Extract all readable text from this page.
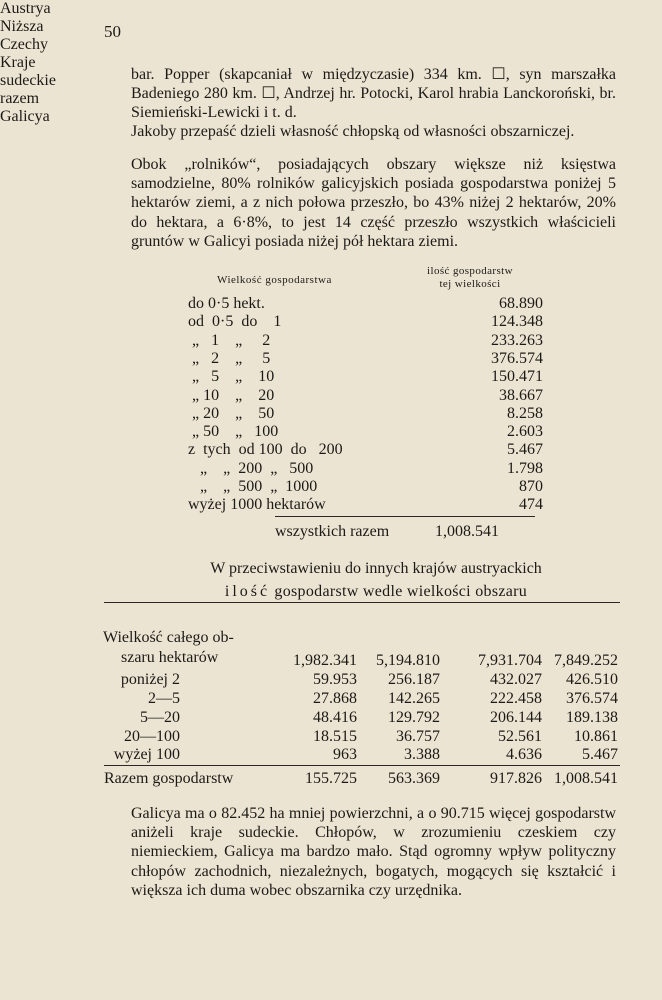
50
bar. Popper (skapcaniał w międzyczasie) 334 km. ☐, syn marszałka Badeniego 280 km. ☐, Andrzej hr. Potocki, Karol hrabia Lanckoroński, br. Siemieński-Lewicki i t. d.
Jakoby przepaść dzieli własność chłopską od własności obszarniczej.
Obok „rolników“, posiadających obszary większe niż księstwa samodzielne, 80% rolników galicyjskich posiada gospodarstwa poniżej 5 hektarów ziemi, a z nich połowa przeszło, bo 43% niżej 2 hektarów, 20% do hektara, a 6·8%, to jest 14 część przeszło wszystkich właścicieli gruntów w Galicyi posiada niżej pół hektara ziemi.
Wielkość gospodarstwa
ilość gospodarstw
tej wielkości
do 0·5 hekt.	68.890
od  0·5  do    1	124.348
„   1    „     2	233.263
„   2    „     5	376.574
„   5    „    10	150.471
„ 10    „    20	38.667
„ 20    „    50	8.258
„ 50    „   100	2.603
z  tych  od 100  do   200	5.467
„    „  200  „   500	1.798
„    „  500  „  1000	870
wyżej 1000 hektarów	474
wszystkich razem	1,008.541
W przeciwstawieniu do innych krajów austryackich
ilość gospodarstw wedle wielkości obszaru
Austrya
Niższa
Czechy
Kraje
sudeckie
razem
Galicya
Wielkość całego ob-
szaru hektarów	1,982.341 5,194.810 7,931.704 7,849.252
poniżej 2	59.953 256.187	432.027 426.510
2—5	27.868 142.265	222.458 376.574
5—20	48.416 129.792	206.144 189.138
20—100	18.515 36.757	52.561 10.861
wyżej 100	963	3.388	4.636	5.467
Razem gospodarstw	155.725 563.369	917.826 1,008.541
Galicya ma o 82.452 ha mniej powierzchni, a o 90.715 więcej gospodarstw aniżeli kraje sudeckie. Chłopów, w zrozumieniu czeskiem czy niemieckiem, Galicya ma bardzo mało. Stąd ogromny wpływ polityczny chłopów zachodnich, niezależnych, bogatych, mogących się kształcić i większa ich duma wobec obszarnika czy urzędnika.
